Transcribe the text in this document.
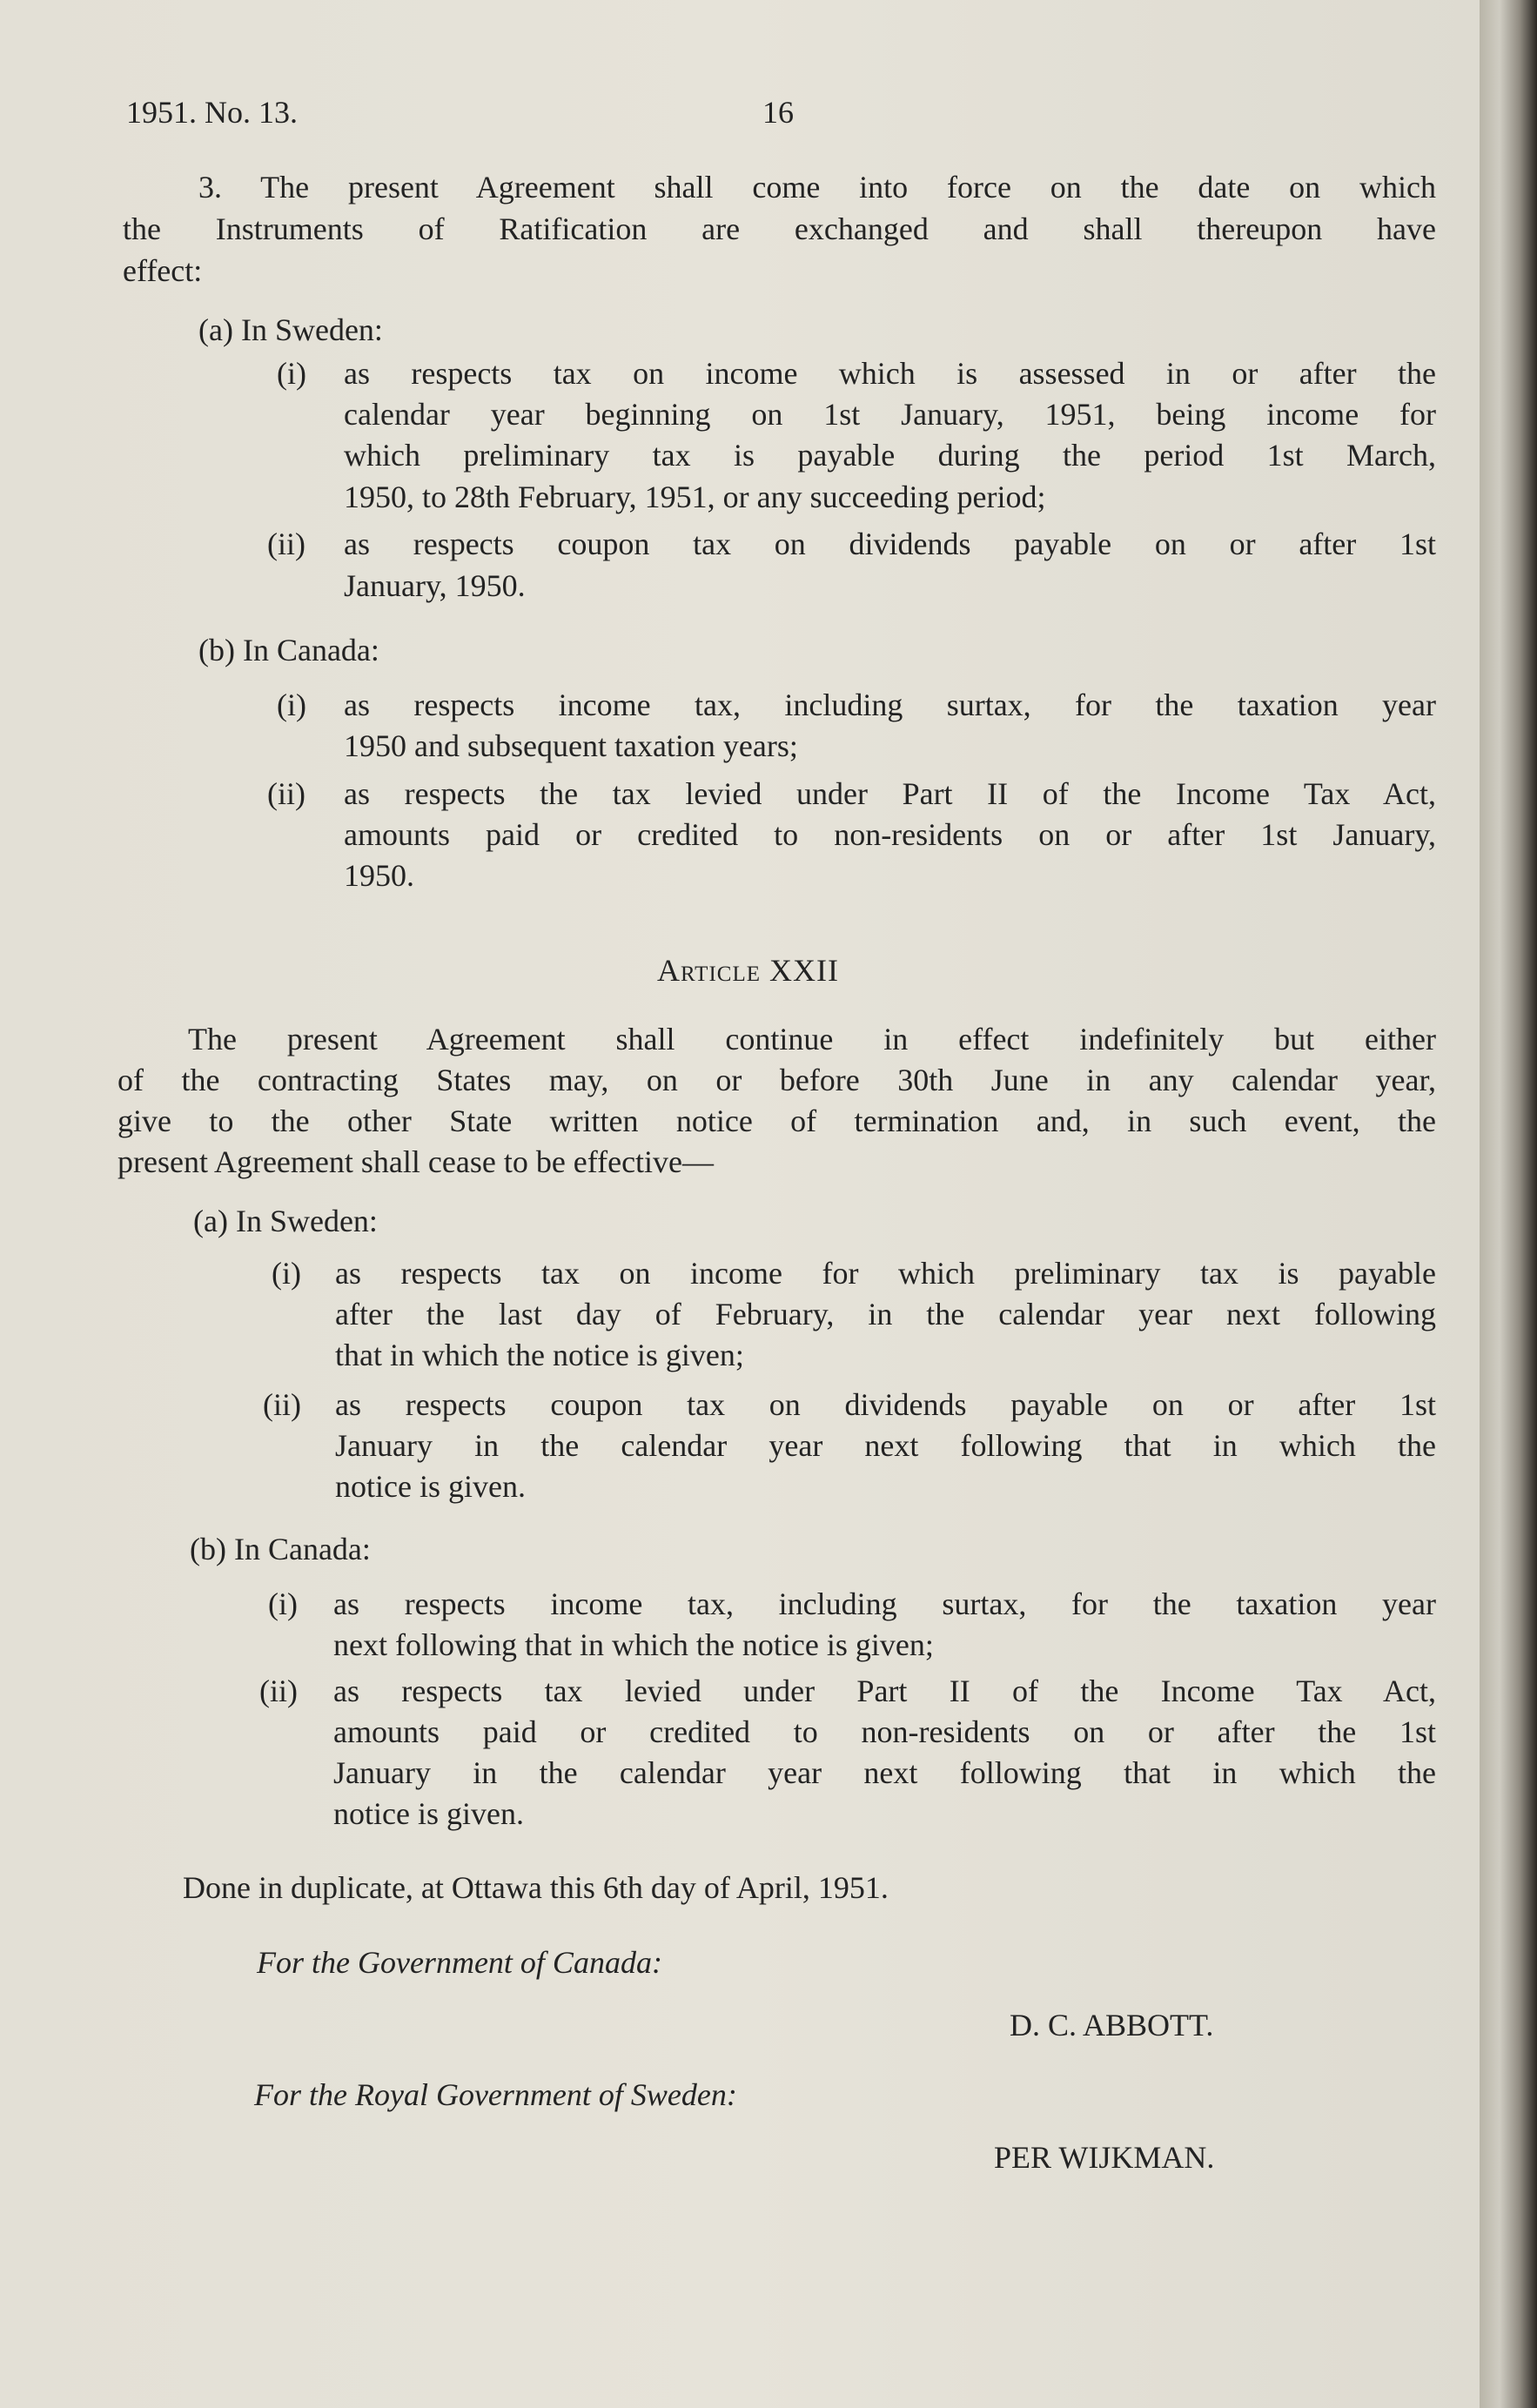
1951. No. 13.	16
3. The present Agreement shall come into force on the date on which
the Instruments of Ratification are exchanged and shall thereupon have
effect:
(a) In Sweden:
(i) as respects tax on income which is assessed in or after the
calendar year beginning on 1st January, 1951, being income for
which preliminary tax is payable during the period 1st March,
1950, to 28th February, 1951, or any succeeding period;
(ii) as respects coupon tax on dividends payable on or after 1st
January, 1950.
(b) In Canada:
(i) as respects income tax, including surtax, for the taxation year
1950 and subsequent taxation years;
(ii) as respects the tax levied under Part II of the Income Tax Act,
amounts paid or credited to non-residents on or after 1st January,
1950.
Article XXII
The present Agreement shall continue in effect indefinitely but either
of the contracting States may, on or before 30th June in any calendar year,
give to the other State written notice of termination and, in such event, the
present Agreement shall cease to be effective—
(a) In Sweden:
(i) as respects tax on income for which preliminary tax is payable
after the last day of February, in the calendar year next following
that in which the notice is given;
(ii) as respects coupon tax on dividends payable on or after 1st
January in the calendar year next following that in which the
notice is given.
(b) In Canada:
(i) as respects income tax, including surtax, for the taxation year
next following that in which the notice is given;
(ii) as respects tax levied under Part II of the Income Tax Act,
amounts paid or credited to non-residents on or after the 1st
January in the calendar year next following that in which the
notice is given.
Done in duplicate, at Ottawa this 6th day of April, 1951.
For the Government of Canada:
D. C. ABBOTT.
For the Royal Government of Sweden:
PER WIJKMAN.
